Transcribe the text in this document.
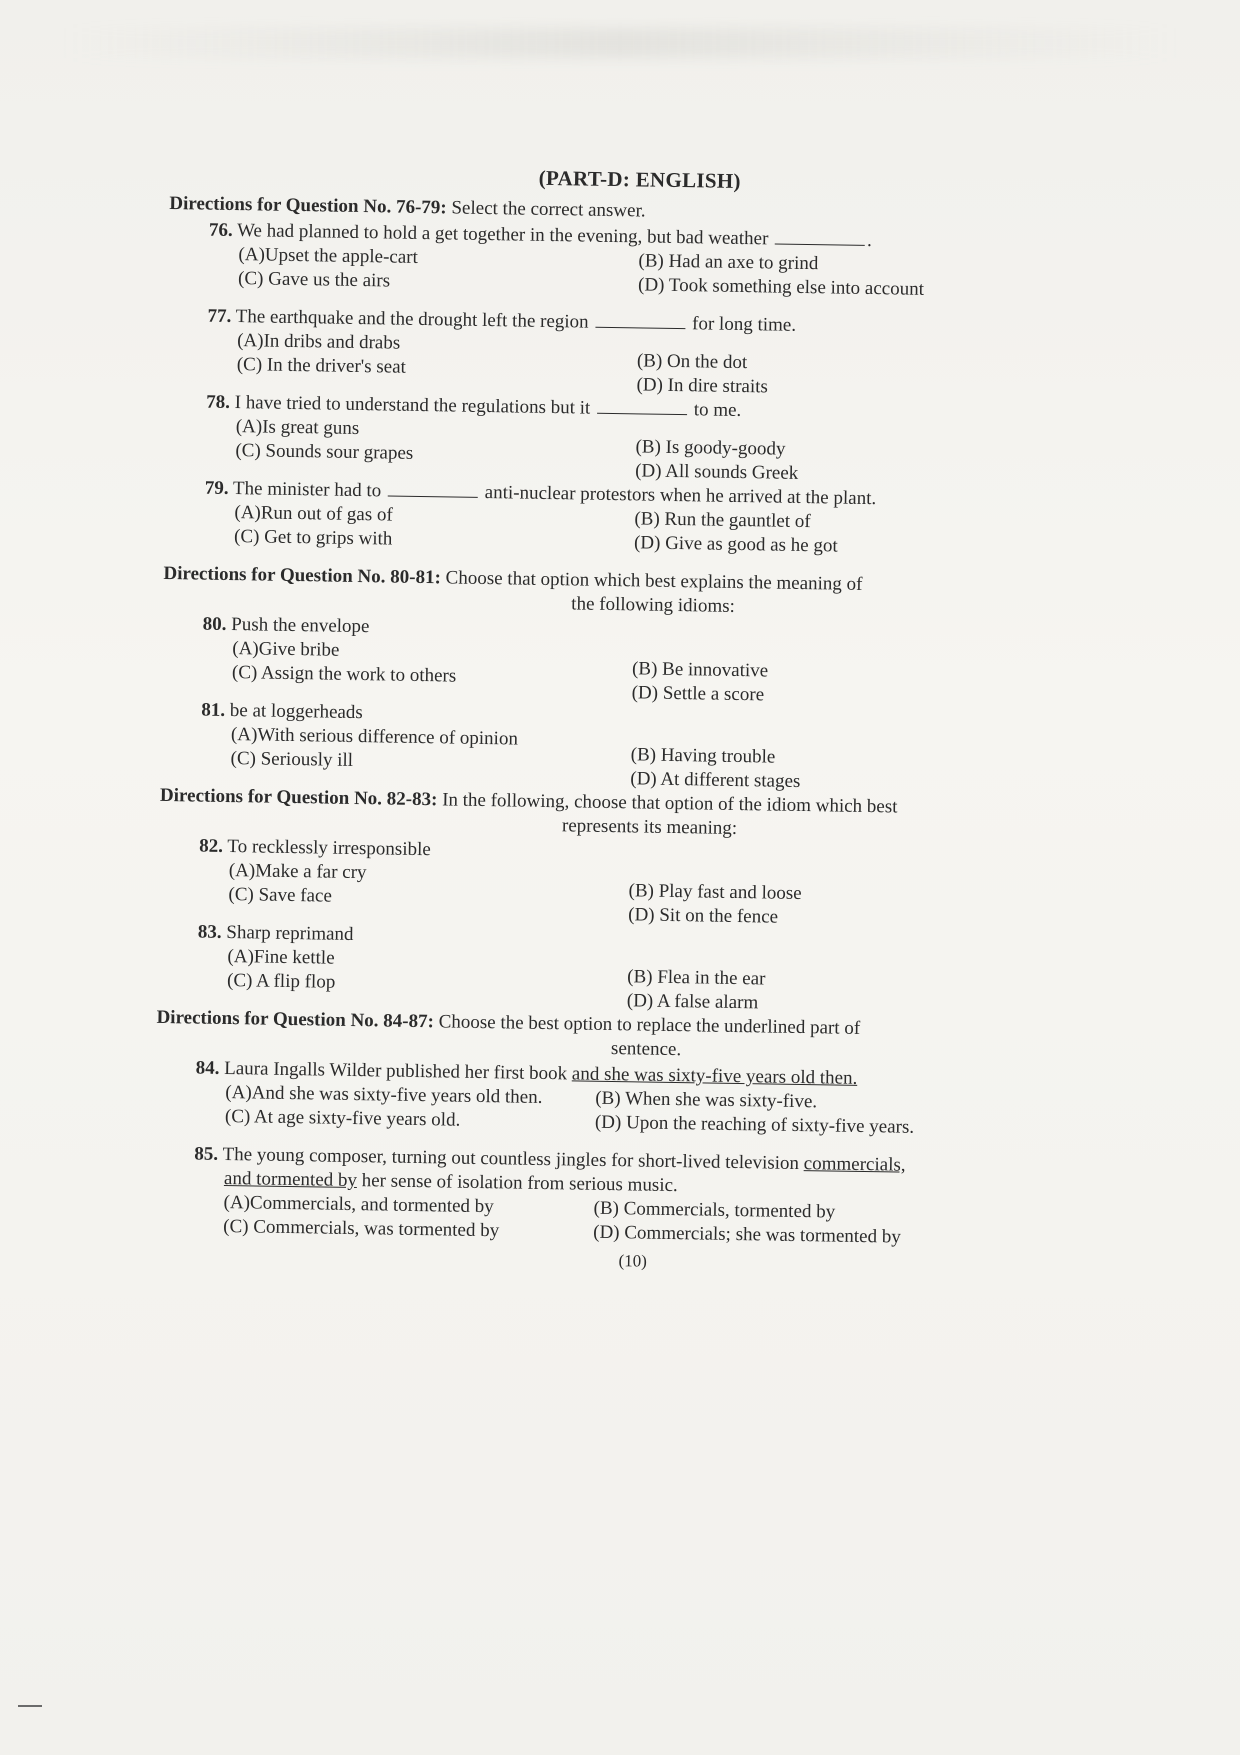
(PART-D: ENGLISH)
Directions for Question No. 76-79: Select the correct answer.
76. We had planned to hold a get together in the evening, but bad weather	.
(A)Upset the apple-cart	(B) Had an axe to grind
(C) Gave us the airs	(D) Took something else into account
77. The earthquake and the drought left the region	for long time.
(A)In dribs and drabs
(B) On the dot
(C) In the driver's seat
(D) In dire straits
78. I have tried to understand the regulations but it	to me.
(A)Is great guns
(B) Is goody-goody
(C) Sounds sour grapes
(D) All sounds Greek
79. The minister had to	anti-nuclear protestors when he arrived at the plant.
(A)Run out of gas of	(B) Run the gauntlet of
(C) Get to grips with	(D) Give as good as he got
Directions for Question No. 80-81: Choose that option which best explains the meaning of
the following idioms:
80. Push the envelope
(A)Give bribe
(B) Be innovative
(C) Assign the work to others
(D) Settle a score
81. be at loggerheads
(A)With serious difference of opinion
(B) Having trouble
(C) Seriously ill
(D) At different stages
Directions for Question No. 82-83: In the following, choose that option of the idiom which best
represents its meaning:
82. To recklessly irresponsible
(A)Make a far cry
(B) Play fast and loose
(C) Save face
(D) Sit on the fence
83. Sharp reprimand
(A)Fine kettle
(B) Flea in the ear
(C) A flip flop
(D) A false alarm
Directions for Question No. 84-87: Choose the best option to replace the underlined part of
sentence.
84. Laura Ingalls Wilder published her first book and she was sixty-five years old then.
(A)And she was sixty-five years old then.	(B) When she was sixty-five.
(C) At age sixty-five years old.	(D) Upon the reaching of sixty-five years.
85. The young composer, turning out countless jingles for short-lived television commercials,
and tormented by her sense of isolation from serious music.
(A)Commercials, and tormented by	(B) Commercials, tormented by
(C) Commercials, was tormented by	(D) Commercials; she was tormented by
(10)
